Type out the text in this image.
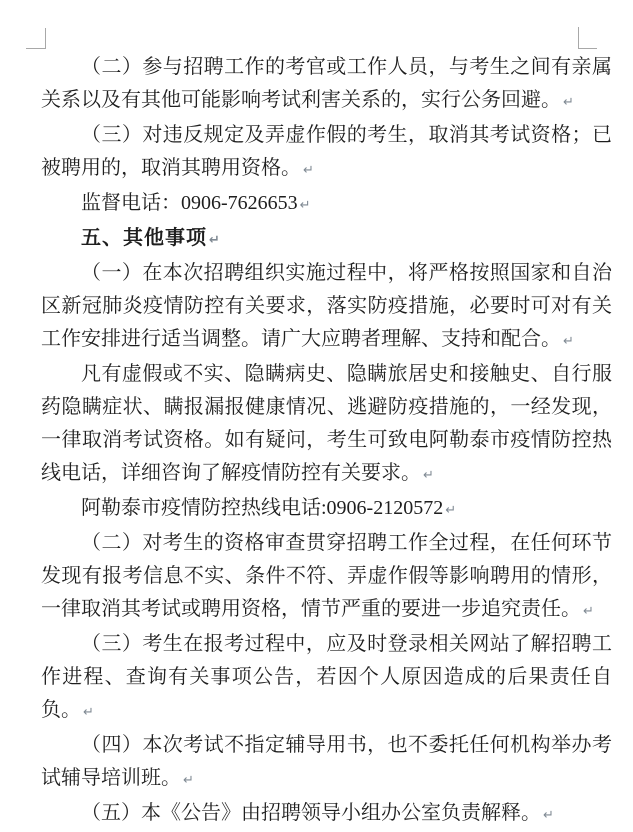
（二）参与招聘工作的考官或工作人员，与考生之间有亲属关系以及有其他可能影响考试利害关系的，实行公务回避。 ↵

（三）对违反规定及弄虚作假的考生，取消其考试资格；已被聘用的，取消其聘用资格。 ↵

监督电话：0906-7626653 ↵

五、其他事项 ↵

（一）在本次招聘组织实施过程中，将严格按照国家和自治区新冠肺炎疫情防控有关要求，落实防疫措施，必要时可对有关工作安排进行适当调整。请广大应聘者理解、支持和配合。 ↵

凡有虚假或不实、隐瞒病史、隐瞒旅居史和接触史、自行服药隐瞒症状、瞒报漏报健康情况、逃避防疫措施的，一经发现，一律取消考试资格。如有疑问，考生可致电阿勒泰市疫情防控热线电话，详细咨询了解疫情防控有关要求。 ↵

阿勒泰市疫情防控热线电话:0906-2120572 ↵

（二）对考生的资格审查贯穿招聘工作全过程，在任何环节发现有报考信息不实、条件不符、弄虚作假等影响聘用的情形，一律取消其考试或聘用资格，情节严重的要进一步追究责任。 ↵

（三）考生在报考过程中，应及时登录相关网站了解招聘工作进程、查询有关事项公告，若因个人原因造成的后果责任自负。 ↵

（四）本次考试不指定辅导用书，也不委托任何机构举办考试辅导培训班。 ↵

（五）本《公告》由招聘领导小组办公室负责解释。 ↵
